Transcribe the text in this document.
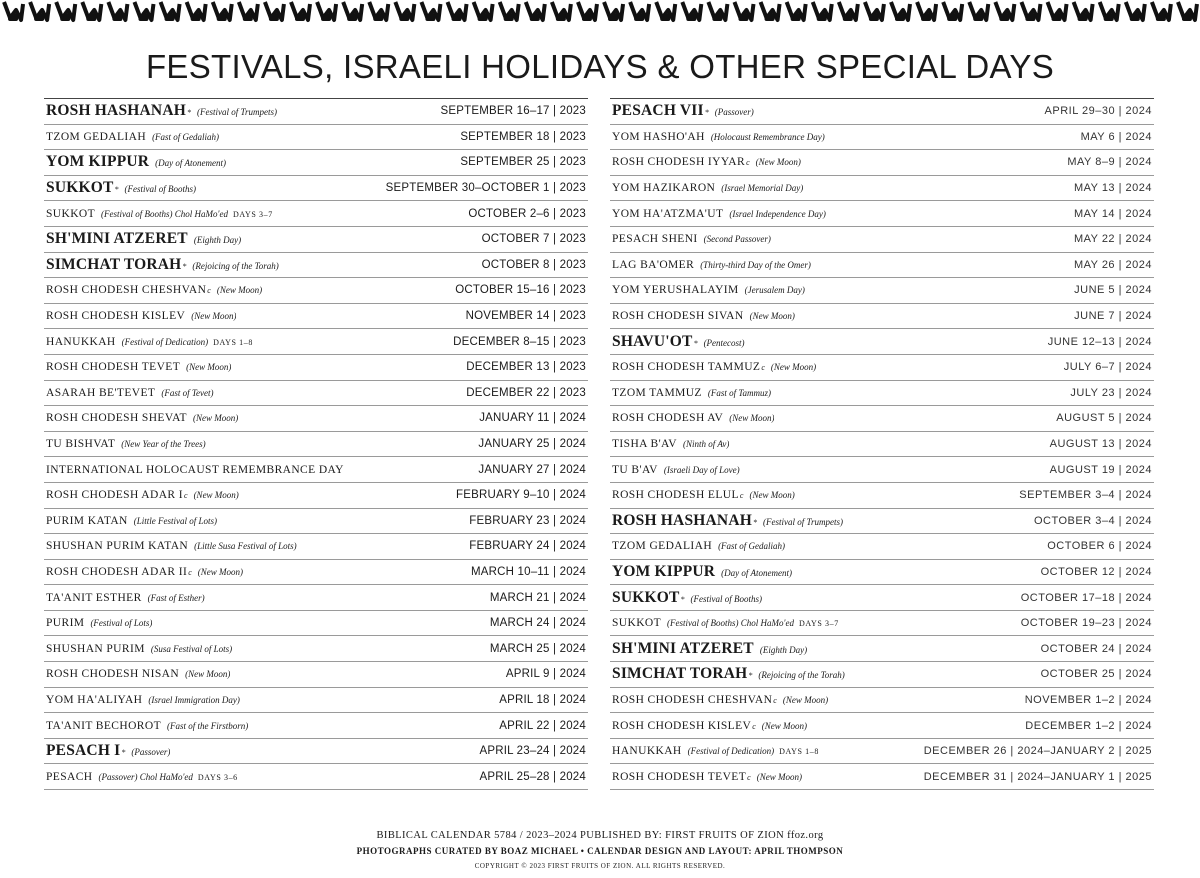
FESTIVALS, ISRAELI HOLIDAYS & OTHER SPECIAL DAYS
ROSH HASHANAH * (Festival of Trumpets)	SEPTEMBER 16–17 | 2023
TZOM GEDALIAH (Fast of Gedaliah)	SEPTEMBER 18 | 2023
YOM KIPPUR (Day of Atonement)	SEPTEMBER 25 | 2023
SUKKOT * (Festival of Booths)	SEPTEMBER 30–OCTOBER 1 | 2023
SUKKOT (Festival of Booths) Chol HaMo'ed DAYS 3–7	OCTOBER 2–6 | 2023
SH'MINI ATZERET (Eighth Day)	OCTOBER 7 | 2023
SIMCHAT TORAH * (Rejoicing of the Torah)	OCTOBER 8 | 2023
ROSH CHODESH CHESHVAN c (New Moon)	OCTOBER 15–16 | 2023
ROSH CHODESH KISLEV (New Moon)	NOVEMBER 14 | 2023
HANUKKAH (Festival of Dedication) DAYS 1–8	DECEMBER 8–15 | 2023
ROSH CHODESH TEVET (New Moon)	DECEMBER 13 | 2023
ASARAH BE'TEVET (Fast of Tevet)	DECEMBER 22 | 2023
ROSH CHODESH SHEVAT (New Moon)	JANUARY 11 | 2024
TU BISHVAT (New Year of the Trees)	JANUARY 25 | 2024
INTERNATIONAL HOLOCAUST REMEMBRANCE DAY	JANUARY 27 | 2024
ROSH CHODESH ADAR I c (New Moon)	FEBRUARY 9–10 | 2024
PURIM KATAN (Little Festival of Lots)	FEBRUARY 23 | 2024
SHUSHAN PURIM KATAN (Little Susa Festival of Lots)	FEBRUARY 24 | 2024
ROSH CHODESH ADAR II c (New Moon)	MARCH 10–11 | 2024
TA'ANIT ESTHER (Fast of Esther)	MARCH 21 | 2024
PURIM (Festival of Lots)	MARCH 24 | 2024
SHUSHAN PURIM (Susa Festival of Lots)	MARCH 25 | 2024
ROSH CHODESH NISAN (New Moon)	APRIL 9 | 2024
YOM HA'ALIYAH (Israel Immigration Day)	APRIL 18 | 2024
TA'ANIT BECHOROT (Fast of the Firstborn)	APRIL 22 | 2024
PESACH I * (Passover)	APRIL 23–24 | 2024
PESACH (Passover) Chol HaMo'ed DAYS 3–6	APRIL 25–28 | 2024
PESACH VII * (Passover)	APRIL 29–30 | 2024
YOM HASHO'AH (Holocaust Remembrance Day)	MAY 6 | 2024
ROSH CHODESH IYYAR c (New Moon)	MAY 8–9 | 2024
YOM HAZIKARON (Israel Memorial Day)	MAY 13 | 2024
YOM HA'ATZMA'UT (Israel Independence Day)	MAY 14 | 2024
PESACH SHENI (Second Passover)	MAY 22 | 2024
LAG BA'OMER (Thirty-third Day of the Omer)	MAY 26 | 2024
YOM YERUSHALAYIM (Jerusalem Day)	JUNE 5 | 2024
ROSH CHODESH SIVAN (New Moon)	JUNE 7 | 2024
SHAVU'OT * (Pentecost)	JUNE 12–13 | 2024
ROSH CHODESH TAMMUZ c (New Moon)	JULY 6–7 | 2024
TZOM TAMMUZ (Fast of Tammuz)	JULY 23 | 2024
ROSH CHODESH AV (New Moon)	AUGUST 5 | 2024
TISHA B'AV (Ninth of Av)	AUGUST 13 | 2024
TU B'AV (Israeli Day of Love)	AUGUST 19 | 2024
ROSH CHODESH ELUL c (New Moon)	SEPTEMBER 3–4 | 2024
ROSH HASHANAH * (Festival of Trumpets)	OCTOBER 3–4 | 2024
TZOM GEDALIAH (Fast of Gedaliah)	OCTOBER 6 | 2024
YOM KIPPUR (Day of Atonement)	OCTOBER 12 | 2024
SUKKOT * (Festival of Booths)	OCTOBER 17–18 | 2024
SUKKOT (Festival of Booths) Chol HaMo'ed DAYS 3–7	OCTOBER 19–23 | 2024
SH'MINI ATZERET (Eighth Day)	OCTOBER 24 | 2024
SIMCHAT TORAH * (Rejoicing of the Torah)	OCTOBER 25 | 2024
ROSH CHODESH CHESHVAN c (New Moon)	NOVEMBER 1–2 | 2024
ROSH CHODESH KISLEV c (New Moon)	DECEMBER 1–2 | 2024
HANUKKAH (Festival of Dedication) DAYS 1–8	DECEMBER 26 | 2024–JANUARY 2 | 2025
ROSH CHODESH TEVET c (New Moon)	DECEMBER 31 | 2024–JANUARY 1 | 2025
BIBLICAL CALENDAR 5784 / 2023–2024 PUBLISHED BY: FIRST FRUITS OF ZION ffoz.org
PHOTOGRAPHS CURATED BY BOAZ MICHAEL • CALENDAR DESIGN AND LAYOUT: APRIL THOMPSON
COPYRIGHT © 2023 FIRST FRUITS OF ZION. ALL RIGHTS RESERVED.
